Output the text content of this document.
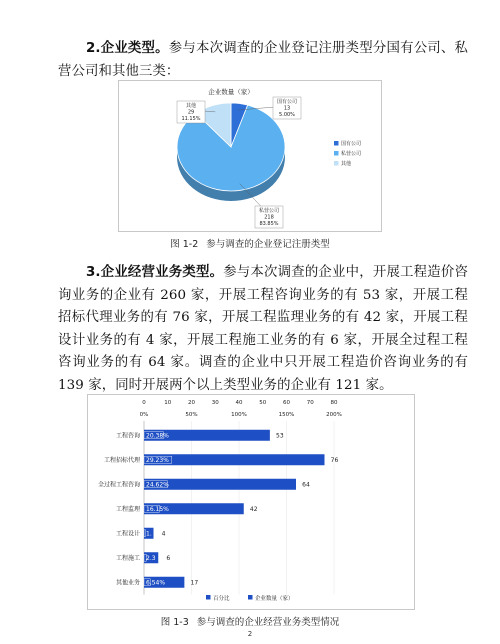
2.企业类型。参与本次调查的企业登记注册类型分国有公司、私营公司和其他三类：

企业数量（家）
国有公司
13
5.00%
私营公司
218
83.85%
其他
29
11.15%
国有公司
私营公司
其他
图 1-2 参与调查的企业登记注册类型

3.企业经营业务类型。参与本次调查的企业中，开展工程造价咨询业务的企业有 260 家，开展工程咨询业务的有 53 家，开展工程招标代理业务的有 76 家，开展工程监理业务的有 42 家，开展工程设计业务的有 4 家，开展工程施工业务的有 6 家，开展全过程工程咨询业务的有 64 家。调查的企业中只开展工程造价咨询业务的有 139 家，同时开展两个以上类型业务的企业有 121 家。

0	10	20	30	40	50	60	70	80
0%	50%	100%	150%	200%
工程咨询
工程招标代理
全过程工程咨询
工程监理
工程设计
工程施工
其他业务
53
20.38%
76
29.23%
64
24.62%
42
16.15%
4
1.
6
2.3
17
6.54%
百分比	企业数量（家）
图 1-3 参与调查的企业经营业务类型情况
2
